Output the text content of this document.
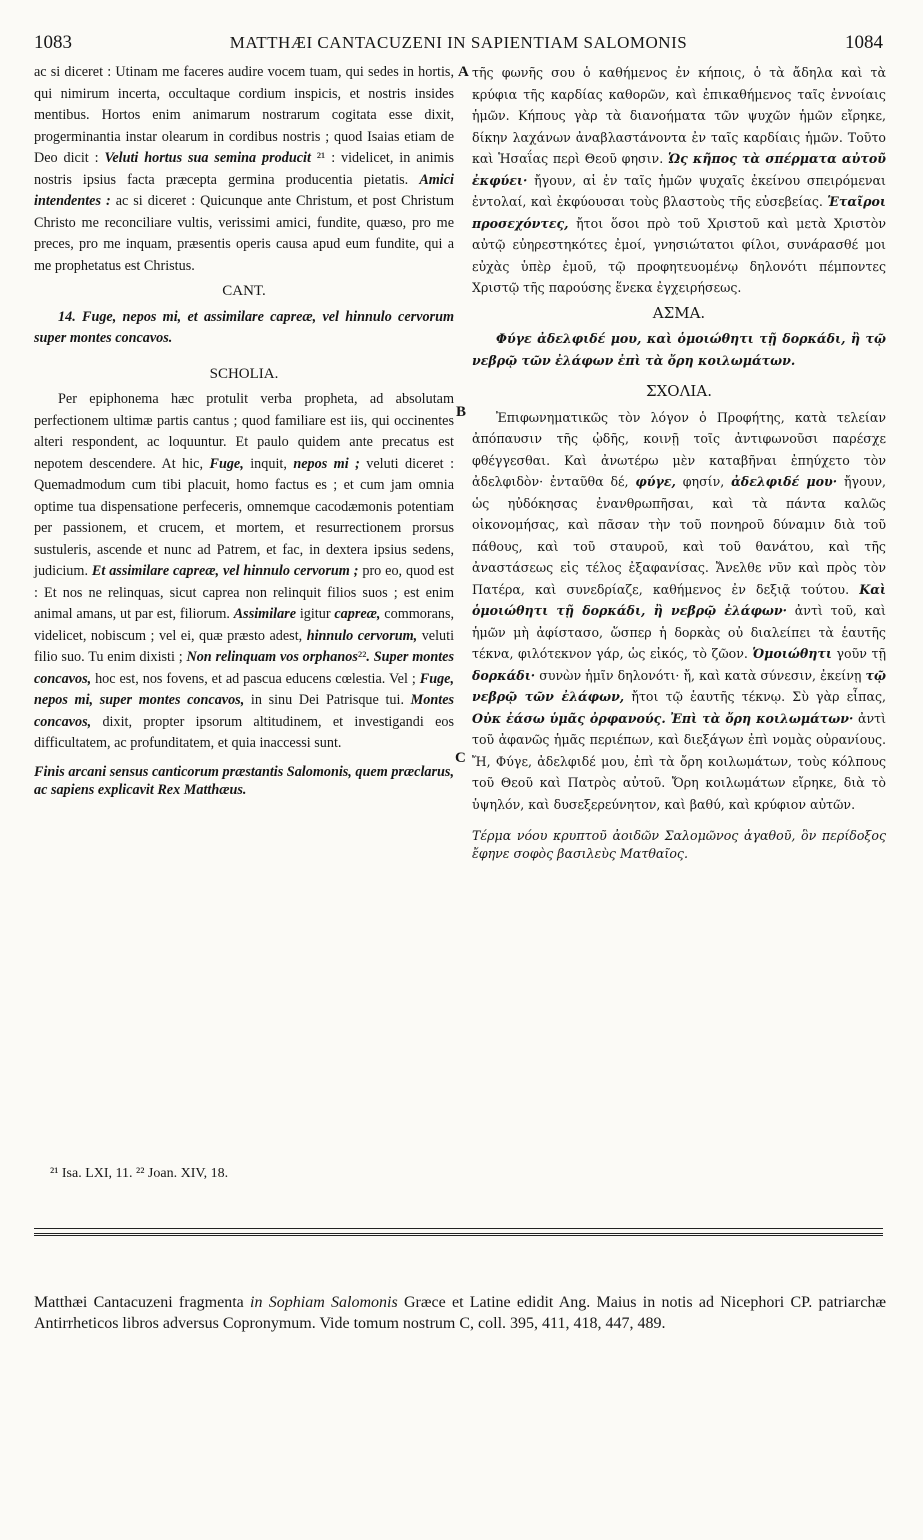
1083	MATTHÆI CANTACUZENI IN SAPIENTIAM SALOMONIS	1084
A
B
C

ac si diceret : Utinam me faceres audire vocem tuam, qui sedes in hortis, qui nimirum incerta, occultaque cordium inspicis, et nostris insides mentibus. Hortos enim animarum nostrarum cogitata esse dixit, progerminantia instar olearum in cordibus nostris ; quod Isaias etiam de Deo dicit : Veluti hortus sua semina producit ²¹ : videlicet, in animis nostris ipsius facta præcepta germina producentia pietatis. Amici intendentes : ac si diceret : Quicunque ante Christum, et post Christum Christo me reconciliare vultis, verissimi amici, fundite, quæso, pro me preces, pro me inquam, præsentis operis causa apud eum fundite, qui a me prophetatus est Christus.

CANT.

14. Fuge, nepos mi, et assimilare capreæ, vel hinnulo cervorum super montes concavos.

SCHOLIA.

Per epiphonema hæc protulit verba propheta, ad absolutam perfectionem ultimæ partis cantus ; quod familiare est iis, qui occinentes alteri respondent, ac loquuntur. Et paulo quidem ante precatus est nepotem descendere. At hic, Fuge, inquit, nepos mi ; veluti diceret : Quemadmodum cum tibi placuit, homo factus es ; et cum jam omnia optime tua dispensatione perfeceris, omnemque cacodæmonis potentiam per passionem, et crucem, et mortem, et resurrectionem prorsus sustuleris, ascende et nunc ad Patrem, et fac, in dextera ipsius sedens, judicium. Et assimilare capreæ, vel hinnulo cervorum ; pro eo, quod est : Et nos ne relinquas, sicut caprea non relinquit filios suos ; est enim animal amans, ut par est, filiorum. Assimilare igitur capreæ, commorans, videlicet, nobiscum ; vel ei, quæ præsto adest, hinnulo cervorum, veluti filio suo. Tu enim dixisti ; Non relinquam vos orphanos²². Super montes concavos, hoc est, nos fovens, et ad pascua educens cœlestia. Vel ; Fuge, nepos mi, super montes concavos, in sinu Dei Patrisque tui. Montes concavos, dixit, propter ipsorum altitudinem, et investigandi eos difficultatem, ac profunditatem, et quia inaccessi sunt.

Finis arcani sensus canticorum præstantis Salomonis, quem præclarus, ac sapiens explicavit Rex Matthæus.

τῆς φωνῆς σου ὁ καθήμενος ἐν κήποις, ὁ τὰ ἄδηλα καὶ τὰ κρύφια τῆς καρδίας καθορῶν, καὶ ἐπικαθήμενος ταῖς ἐννοίαις ἡμῶν. Κήπους γὰρ τὰ διανοήματα τῶν ψυχῶν ἡμῶν εἴρηκε, δίκην λαχάνων ἀναβλαστάνοντα ἐν ταῖς καρδίαις ἡμῶν. Τοῦτο καὶ Ἡσαΐας περὶ Θεοῦ φησιν. Ὡς κῆπος τὰ σπέρματα αὐτοῦ ἐκφύει· ἤγουν, αἱ ἐν ταῖς ἡμῶν ψυχαῖς ἐκείνου σπειρόμεναι ἐντολαί, καὶ ἐκφύουσαι τοὺς βλαστοὺς τῆς εὐσεβείας. Ἑταῖροι προσεχόντες, ἤτοι ὅσοι πρὸ τοῦ Χριστοῦ καὶ μετὰ Χριστὸν αὐτῷ εὐηρεστηκότες ἐμοί, γνησιώτατοι φίλοι, συνάρασθέ μοι εὐχὰς ὑπὲρ ἐμοῦ, τῷ προφητευομένῳ δηλονότι πέμποντες Χριστῷ τῆς παρούσης ἕνεκα ἐγχειρήσεως.

ΑΣΜΑ.

Φύγε ἀδελφιδέ μου, καὶ ὁμοιώθητι τῇ δορκάδι, ἢ τῷ νεβρῷ τῶν ἐλάφων ἐπὶ τὰ ὄρη κοιλωμάτων.

ΣΧΟΛΙΑ.

Ἐπιφωνηματικῶς τὸν λόγον ὁ Προφήτης, κατὰ τελείαν ἀπόπαυσιν τῆς ᾠδῆς, κοινῇ τοῖς ἀντιφωνοῦσι παρέσχε φθέγγεσθαι. Καὶ ἀνωτέρω μὲν καταβῆναι ἐπηύχετο τὸν ἀδελφιδὸν· ἐνταῦθα δέ, φύγε, φησίν, ἀδελφιδέ μου· ἤγουν, ὡς ηὐδόκησας ἐνανθρωπῆσαι, καὶ τὰ πάντα καλῶς οἰκονομήσας, καὶ πᾶσαν τὴν τοῦ πονηροῦ δύναμιν διὰ τοῦ πάθους, καὶ τοῦ σταυροῦ, καὶ τοῦ θανάτου, καὶ τῆς ἀναστάσεως εἰς τέλος ἐξαφανίσας. Ἄνελθε νῦν καὶ πρὸς τὸν Πατέρα, καὶ συνεδρίαζε, καθήμενος ἐν δεξιᾷ τούτου. Καὶ ὁμοιώθητι τῇ δορκάδι, ἢ νεβρῷ ἐλάφων· ἀντὶ τοῦ, καὶ ἡμῶν μὴ ἀφίστασο, ὥσπερ ἡ δορκὰς οὐ διαλείπει τὰ ἑαυτῆς τέκνα, φιλότεκνον γάρ, ὡς εἰκός, τὸ ζῶον. Ὁμοιώθητι γοῦν τῇ δορκάδι· συνὼν ἡμῖν δηλονότι· ἤ, καὶ κατὰ σύνεσιν, ἐκείνῃ τῷ νεβρῷ τῶν ἐλάφων, ἤτοι τῷ ἑαυτῆς τέκνῳ. Σὺ γὰρ εἶπας, Οὐκ ἐάσω ὑμᾶς ὀρφανούς. Ἐπὶ τὰ ὄρη κοιλωμάτων· ἀντὶ τοῦ ἀφανῶς ἡμᾶς περιέπων, καὶ διεξάγων ἐπὶ νομὰς οὐρανίους. Ἤ, Φύγε, ἀδελφιδέ μου, ἐπὶ τὰ ὄρη κοιλωμάτων, τοὺς κόλπους τοῦ Θεοῦ καὶ Πατρὸς αὐτοῦ. Ὄρη κοιλωμάτων εἴρηκε, διὰ τὸ ὑψηλόν, καὶ δυσεξερεύνητον, καὶ βαθύ, καὶ κρύφιον αὐτῶν.

Τέρμα νόου κρυπτοῦ ἀοιδῶν Σαλομῶνος ἀγαθοῦ, ὃν περίδοξος ἔφηνε σοφὸς βασιλεὺς Ματθαῖος.

²¹ Isa. LXI, 11. ²² Joan. XIV, 18.
Matthæi Cantacuzeni fragmenta in Sophiam Salomonis Græce et Latine edidit Ang. Maius in notis ad Nicephori CP. patriarchæ Antirrheticos libros adversus Copronymum. Vide tomum nostrum C, coll. 395, 411, 418, 447, 489.
